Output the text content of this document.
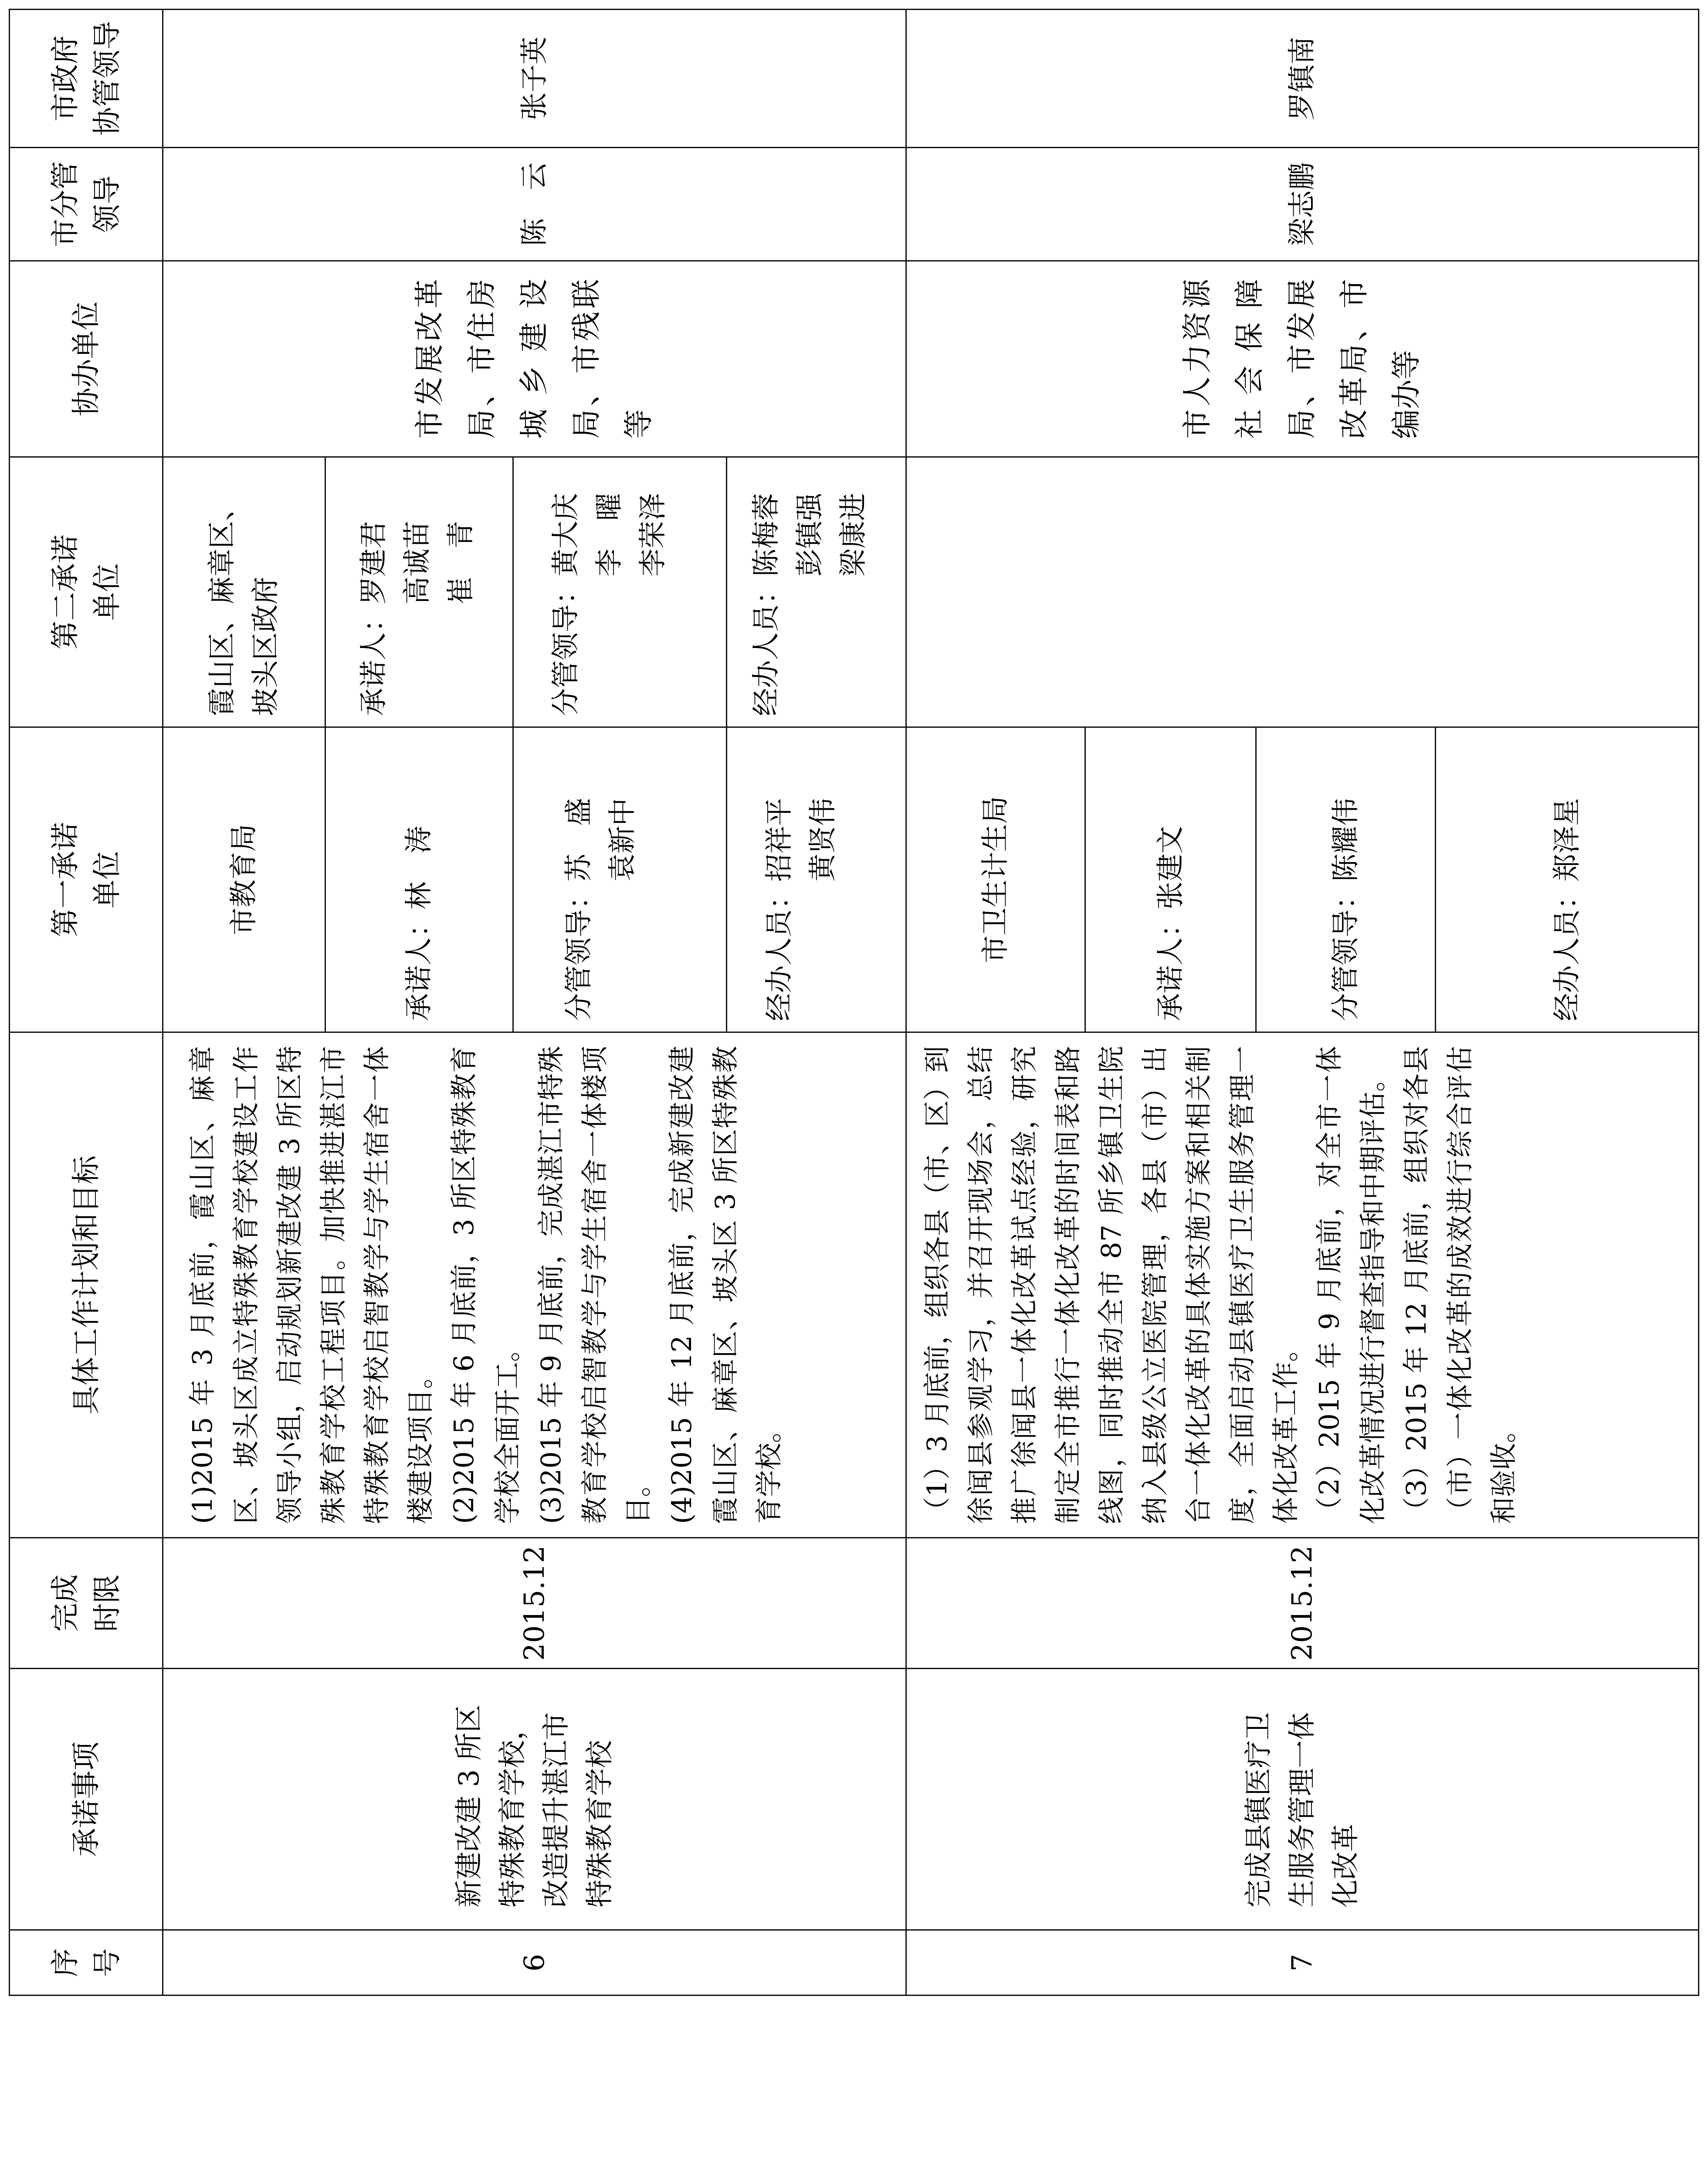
序 号
承诺事项
完成 时限
具体工作计划和目标
第一承诺 单位
第二承诺 单位
协办单位
市分管 领导
市政府 协管领导
6
新建改建 3 所区特殊教育学校，改造提升湛江市特殊教育学校
2015.12

(1)2015 年 3 月底前，霞山区、麻章区、坡头区成立特殊教育学校建设工作领导小组，启动规划新建改建 3 所区特殊教育学校工程项目。加快推进湛江市特殊教育学校启智教学与学生宿舍一体楼建设项目。 (2)2015 年 6 月底前，3 所区特殊教育学校全面开工。 (3)2015 年 9 月底前，完成湛江市特殊教育学校启智教学与学生宿舍一体楼项目。 (4)2015 年 12 月底前，完成新建改建霞山区、麻章区、坡头区 3 所区特殊教育学校。

市教育局
承诺人：
林　涛
分管领导：
苏　盛 袁新中
经办人员：
招祥平 黄贤伟
霞山区、麻章区、坡头区政府	承诺人：
罗建君 高诚苗 崔　青
分管领导：
黄大庆 李　曜 李荣泽
经办人员：
陈梅蓉 彭镇强 梁康进
市发展改革局、市住房城乡建设局、市残联等
陈　云
张子英
7
完成县镇医疗卫生服务管理一体化改革
2015.12

（1）3 月底前，组织各县（市、区）到徐闻县参观学习，并召开现场会，总结推广徐闻县一体化改革试点经验，研究制定全市推行一体化改革的时间表和路线图，同时推动全市 87 所乡镇卫生院纳入县级公立医院管理，各县（市）出台一体化改革的具体实施方案和相关制度，全面启动县镇医疗卫生服务管理一体化改革工作。 （2）2015 年 9 月底前，对全市一体化改革情况进行督查指导和中期评估。 （3）2015 年 12 月底前，组织对各县（市）一体化改革的成效进行综合评估和验收。

市卫生计生局
承诺人：
张建文
分管领导：
陈耀伟
经办人员：
郑泽星
市人力资源社会保障局、市发展改革局、市编办等
梁志鹏
罗镇南
